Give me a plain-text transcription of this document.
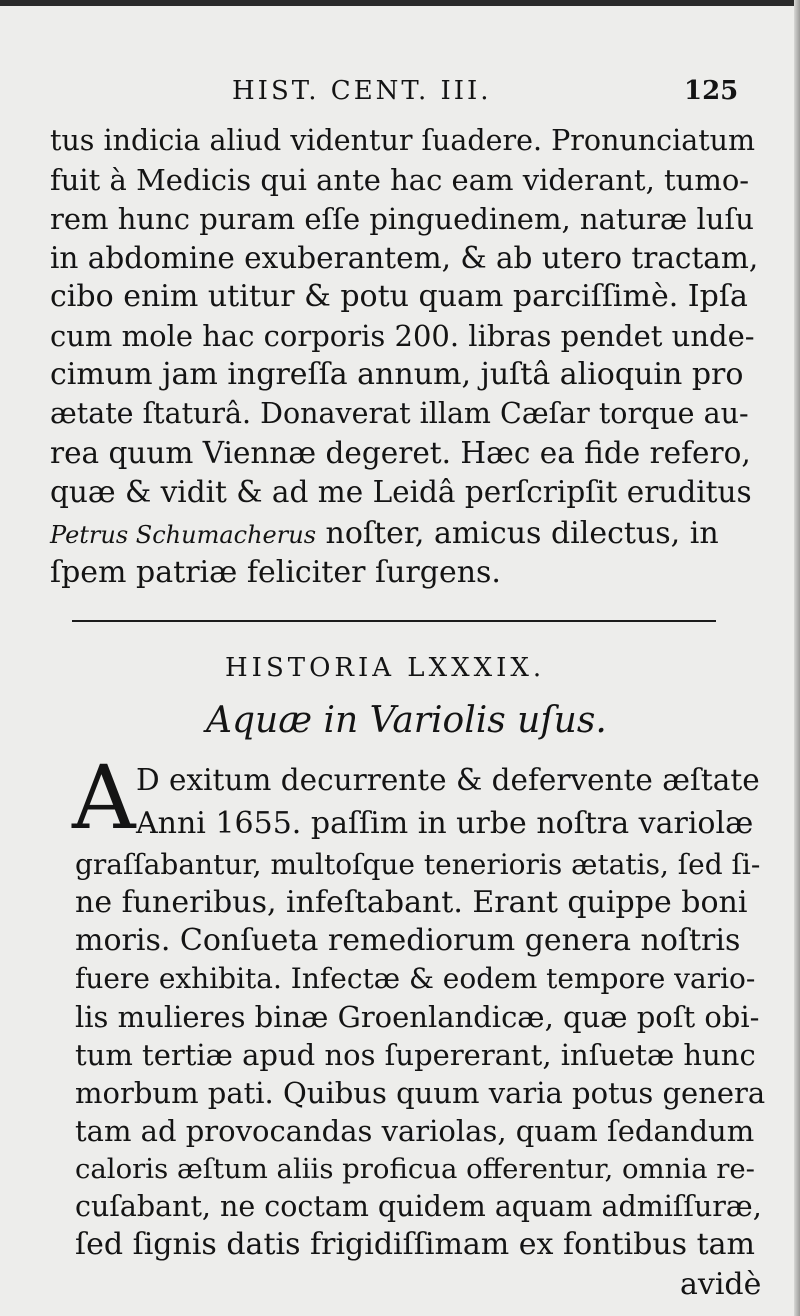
HIST. CENT. III.	125
tus indicia aliud videntur ſuadere. Pronunciatum
fuit à Medicis qui ante hac eam viderant, tumo-
rem hunc puram eſſe pinguedinem, naturæ luſu
in abdomine exuberantem, & ab utero tractam,
cibo enim utitur & potu quam parciſſimè. Ipſa
cum mole hac corporis 200. libras pendet unde-
cimum jam ingreſſa annum, juſtâ alioquin pro
ætate ſtaturâ. Donaverat illam Cæſar torque au-
rea quum Viennæ degeret. Hæc ea fide refero,
quæ & vidit & ad me Leidâ perſcripſit eruditus
Petrus Schumacherus noſter, amicus dilectus, in
ſpem patriæ feliciter ſurgens.
HISTORIA LXXXIX.
Aquæ in Variolis uſus.
A D exitum decurrente & defervente æſtate
Anni 1655. paſſim in urbe noſtra variolæ
graſſabantur, multoſque tenerioris ætatis, ſed ſi-
ne funeribus, infeſtabant. Erant quippe boni
moris. Conſueta remediorum genera noſtris
fuere exhibita. Infectæ & eodem tempore vario-
lis mulieres binæ Groenlandicæ, quæ poſt obi-
tum tertiæ apud nos ſupererant, inſuetæ hunc
morbum pati. Quibus quum varia potus genera
tam ad provocandas variolas, quam ſedandum
caloris æſtum aliis proficua offerentur, omnia re-
cuſabant, ne coctam quidem aquam admiſſuræ,
ſed ſignis datis frigidiſſimam ex fontibus tam
avidè
